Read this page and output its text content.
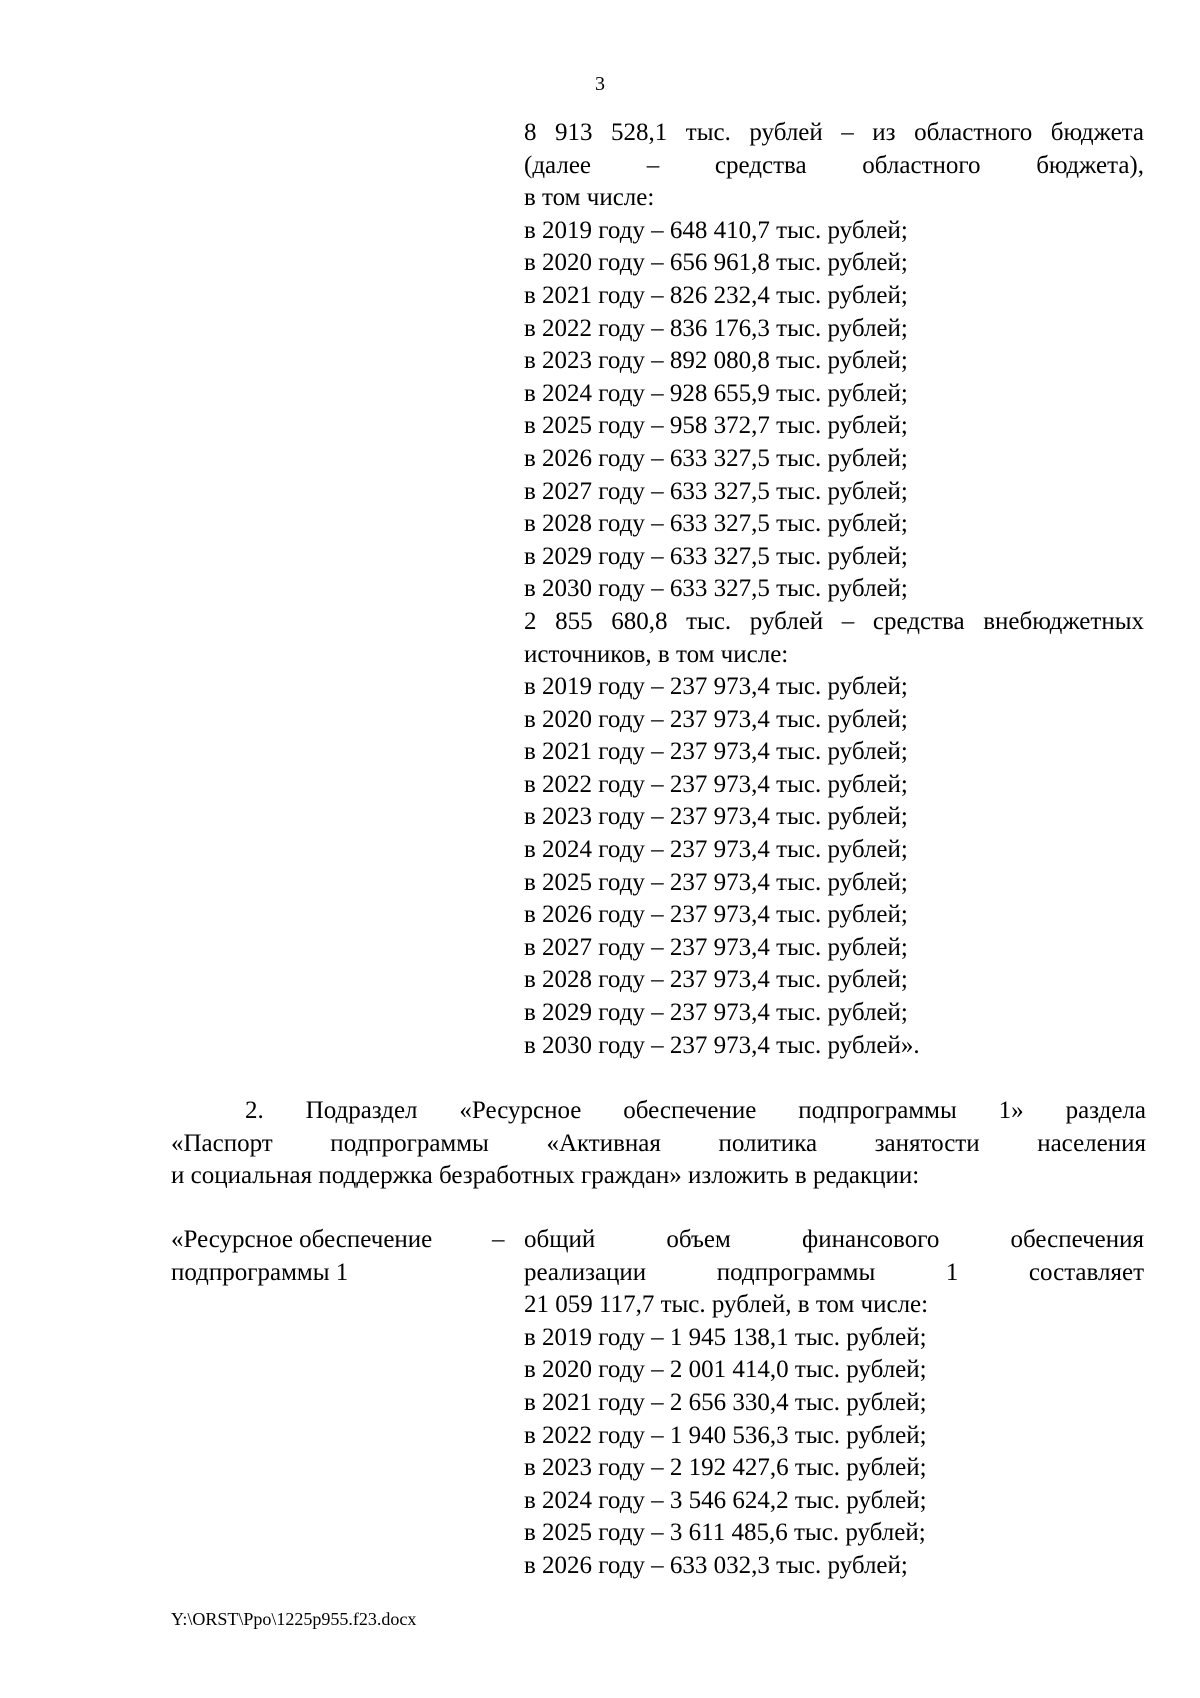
3
8 913 528,1 тыс. рублей – из областного бюджета
(далее – средства областного бюджета),
в том числе:
в 2019 году – 648 410,7 тыс. рублей;
в 2020 году – 656 961,8 тыс. рублей;
в 2021 году – 826 232,4 тыс. рублей;
в 2022 году – 836 176,3 тыс. рублей;
в 2023 году – 892 080,8 тыс. рублей;
в 2024 году – 928 655,9 тыс. рублей;
в 2025 году – 958 372,7 тыс. рублей;
в 2026 году – 633 327,5 тыс. рублей;
в 2027 году – 633 327,5 тыс. рублей;
в 2028 году – 633 327,5 тыс. рублей;
в 2029 году – 633 327,5 тыс. рублей;
в 2030 году – 633 327,5 тыс. рублей;
2 855 680,8 тыс. рублей – средства внебюджетных
источников, в том числе:
в 2019 году – 237 973,4 тыс. рублей;
в 2020 году – 237 973,4 тыс. рублей;
в 2021 году – 237 973,4 тыс. рублей;
в 2022 году – 237 973,4 тыс. рублей;
в 2023 году – 237 973,4 тыс. рублей;
в 2024 году – 237 973,4 тыс. рублей;
в 2025 году – 237 973,4 тыс. рублей;
в 2026 году – 237 973,4 тыс. рублей;
в 2027 году – 237 973,4 тыс. рублей;
в 2028 году – 237 973,4 тыс. рублей;
в 2029 году – 237 973,4 тыс. рублей;
в 2030 году – 237 973,4 тыс. рублей».
2. Подраздел «Ресурсное обеспечение подпрограммы 1» раздела
«Паспорт подпрограммы «Активная политика занятости населения
и социальная поддержка безработных граждан» изложить в редакции:
«Ресурсное обеспечение
подпрограммы 1
– общий объем финансового обеспечения
реализации подпрограммы 1 составляет
21 059 117,7 тыс. рублей, в том числе:
в 2019 году – 1 945 138,1 тыс. рублей;
в 2020 году – 2 001 414,0 тыс. рублей;
в 2021 году – 2 656 330,4 тыс. рублей;
в 2022 году – 1 940 536,3 тыс. рублей;
в 2023 году – 2 192 427,6 тыс. рублей;
в 2024 году – 3 546 624,2 тыс. рублей;
в 2025 году – 3 611 485,6 тыс. рублей;
в 2026 году – 633 032,3 тыс. рублей;
Y:\ORST\Ppo\1225p955.f23.docx
